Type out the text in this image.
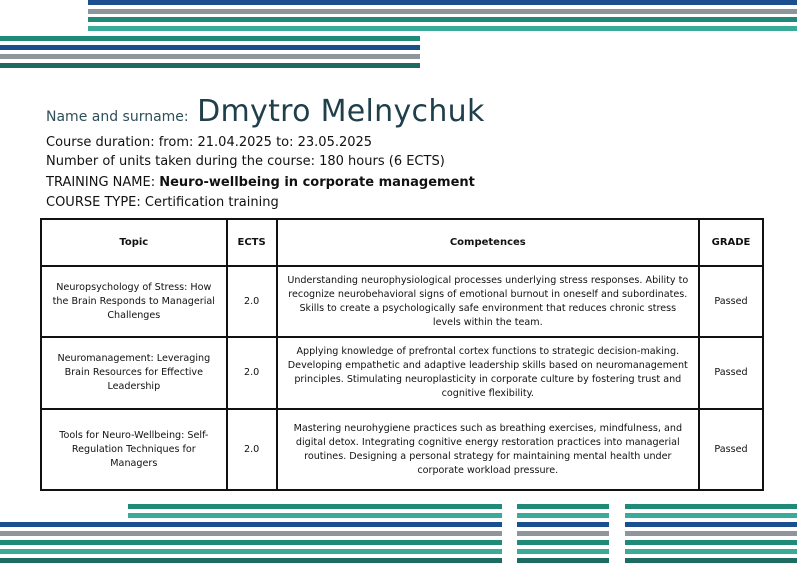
Name and surname: Dmytro Melnychuk
Course duration: from: 21.04.2025 to: 23.05.2025
Number of units taken during the course: 180 hours (6 ECTS)
TRAINING NAME: Neuro-wellbeing in corporate management
COURSE TYPE: Certification training
Topic	ECTS	Competences	GRADE
Neuropsychology of Stress: How the Brain Responds to Managerial Challenges	2.0	Understanding neurophysiological processes underlying stress responses. Ability to recognize neurobehavioral signs of emotional burnout in oneself and subordinates. Skills to create a psychologically safe environment that reduces chronic stress levels within the team.	Passed
Neuromanagement: Leveraging Brain Resources for Effective Leadership	2.0	Applying knowledge of prefrontal cortex functions to strategic decision-making. Developing empathetic and adaptive leadership skills based on neuromanagement principles. Stimulating neuroplasticity in corporate culture by fostering trust and cognitive flexibility.	Passed
Tools for Neuro-Wellbeing: Self-Regulation Techniques for Managers	2.0	Mastering neurohygiene practices such as breathing exercises, mindfulness, and digital detox. Integrating cognitive energy restoration practices into managerial routines. Designing a personal strategy for maintaining mental health under corporate workload pressure.	Passed
